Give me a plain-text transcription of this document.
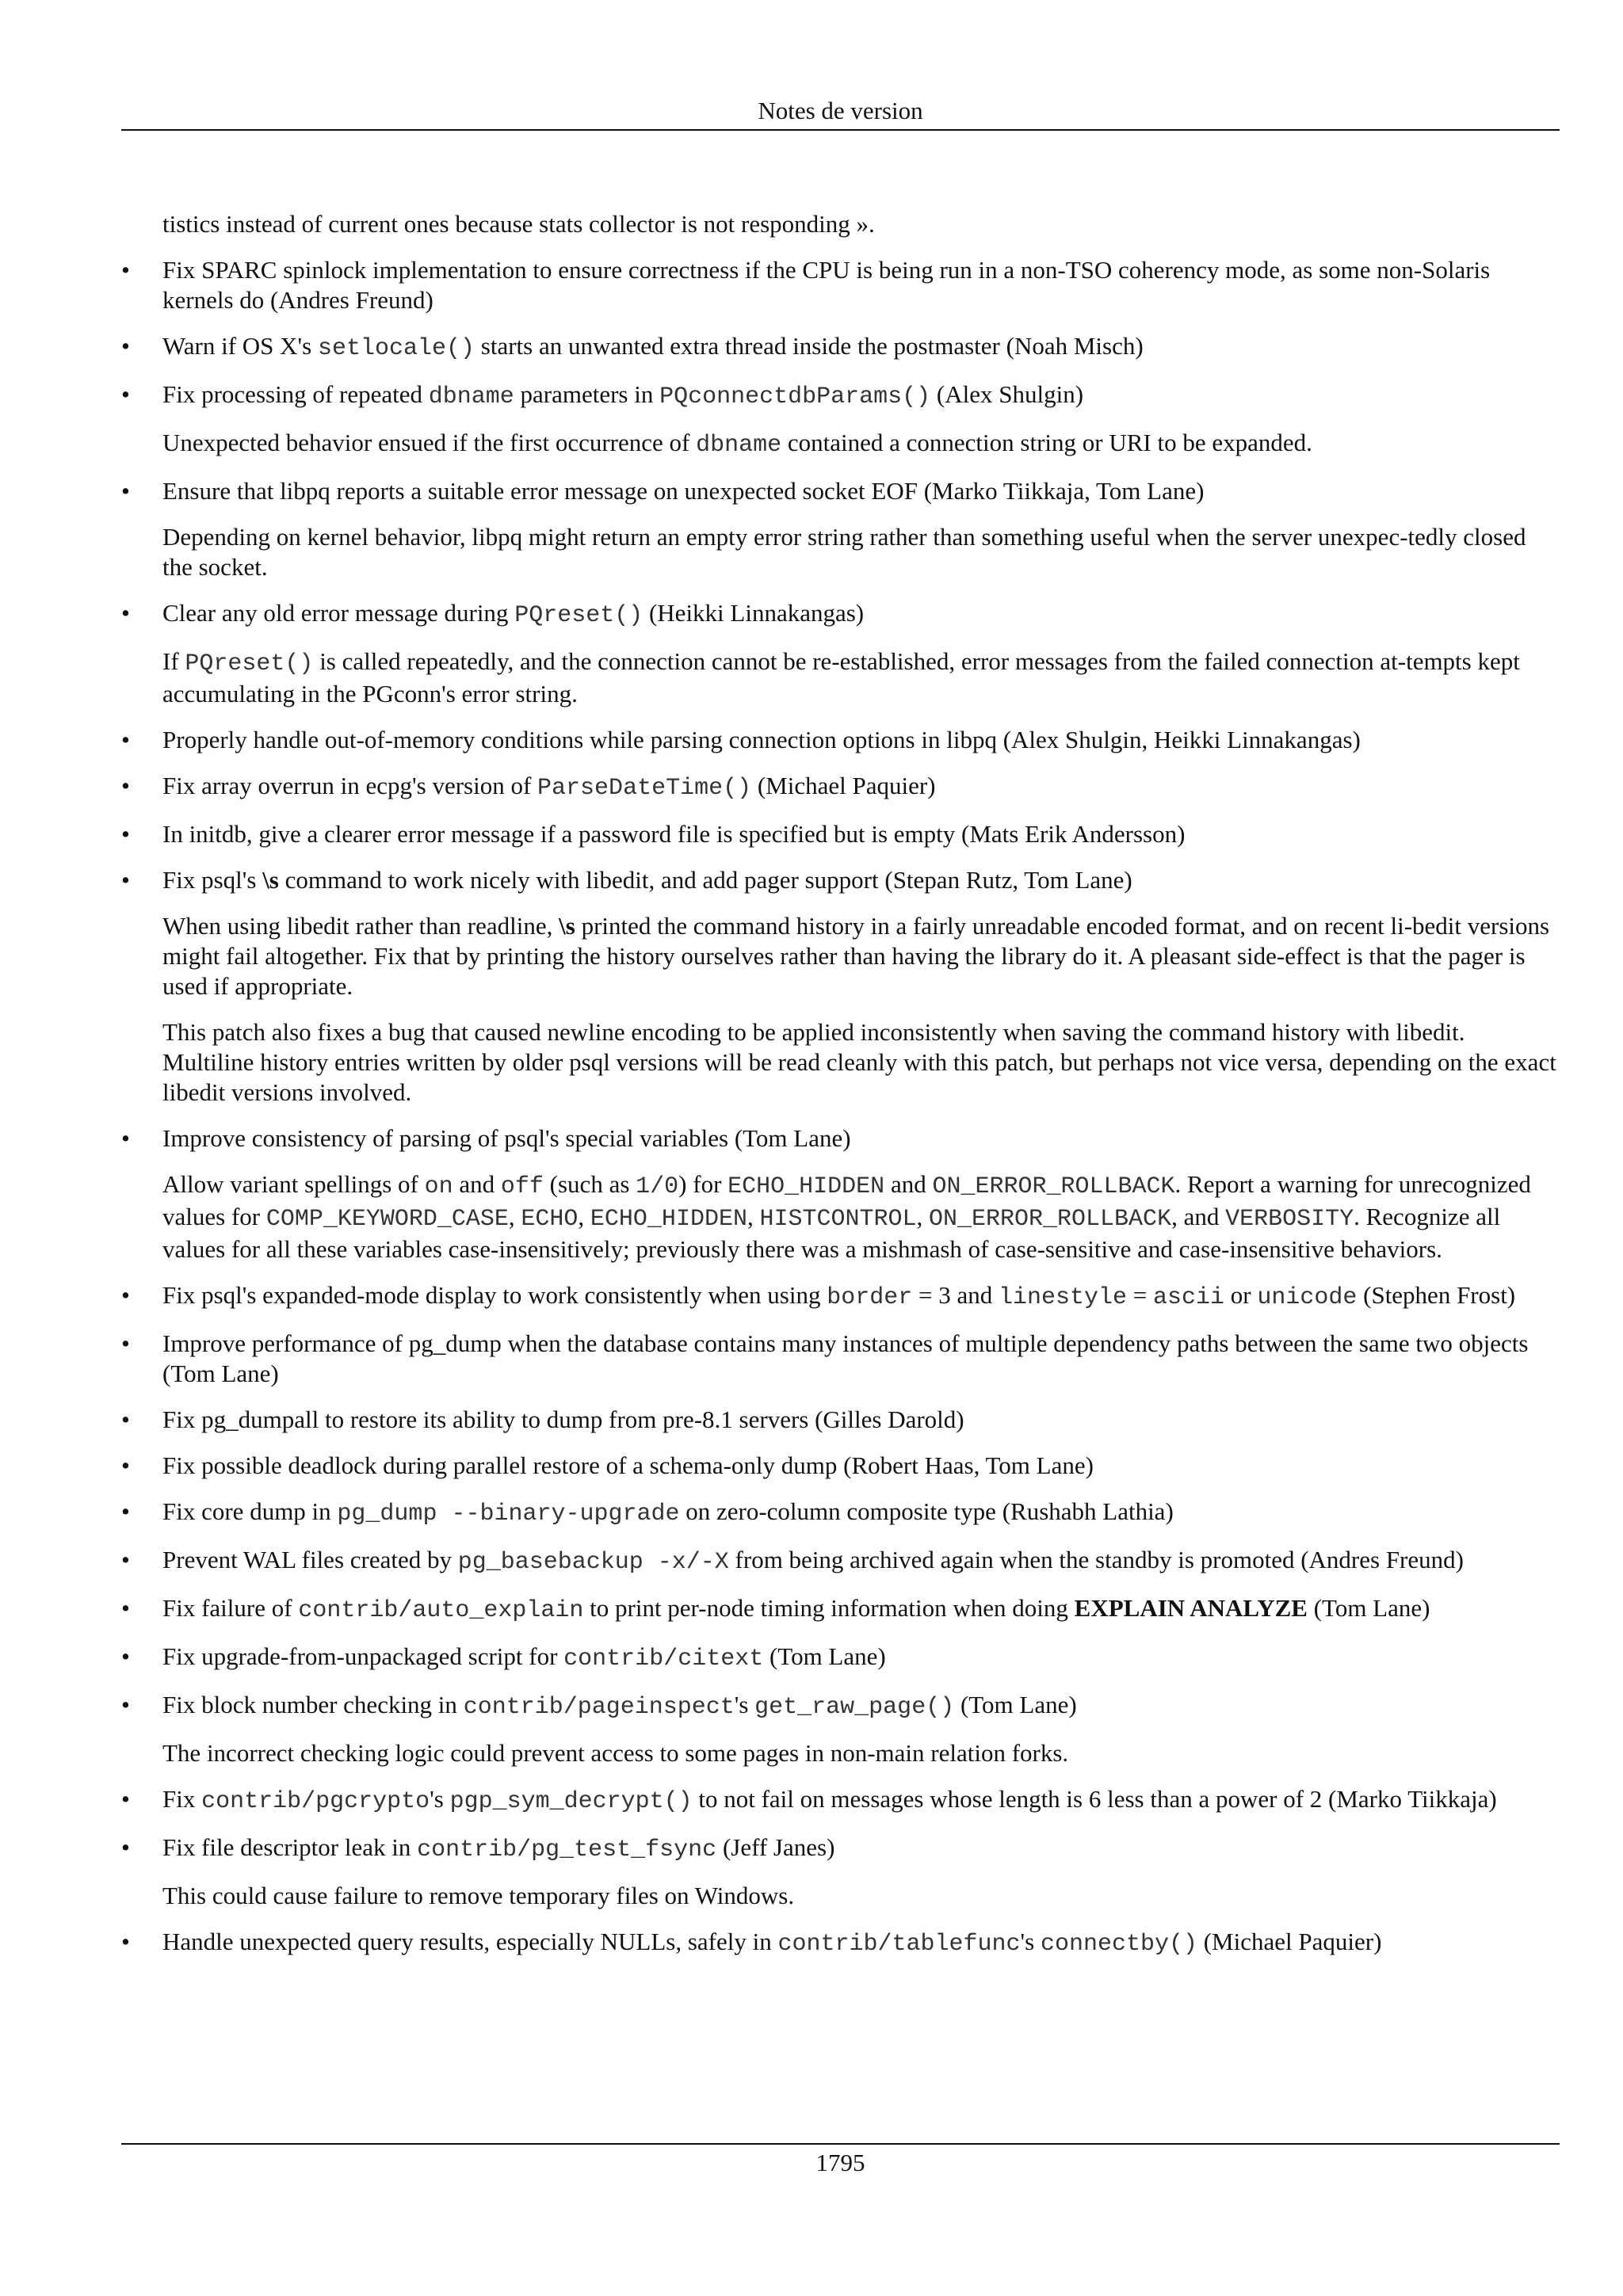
Notes de version

tistics instead of current ones because stats collector is not responding ».

• Fix SPARC spinlock implementation to ensure correctness if the CPU is being run in a non-TSO coherency mode, as some non-Solaris kernels do (Andres Freund)
• Warn if OS X's setlocale() starts an unwanted extra thread inside the postmaster (Noah Misch)
• Fix processing of repeated dbname parameters in PQconnectdbParams() (Alex Shulgin)
Unexpected behavior ensued if the first occurrence of dbname contained a connection string or URI to be expanded.
• Ensure that libpq reports a suitable error message on unexpected socket EOF (Marko Tiikkaja, Tom Lane)
Depending on kernel behavior, libpq might return an empty error string rather than something useful when the server unexpec-tedly closed the socket.
• Clear any old error message during PQreset() (Heikki Linnakangas)
If PQreset() is called repeatedly, and the connection cannot be re-established, error messages from the failed connection at-tempts kept accumulating in the PGconn's error string.
• Properly handle out-of-memory conditions while parsing connection options in libpq (Alex Shulgin, Heikki Linnakangas)
• Fix array overrun in ecpg's version of ParseDateTime() (Michael Paquier)
• In initdb, give a clearer error message if a password file is specified but is empty (Mats Erik Andersson)
• Fix psql's \s command to work nicely with libedit, and add pager support (Stepan Rutz, Tom Lane)
When using libedit rather than readline, \s printed the command history in a fairly unreadable encoded format, and on recent li-bedit versions might fail altogether. Fix that by printing the history ourselves rather than having the library do it. A pleasant side-effect is that the pager is used if appropriate.
This patch also fixes a bug that caused newline encoding to be applied inconsistently when saving the command history with libedit. Multiline history entries written by older psql versions will be read cleanly with this patch, but perhaps not vice versa, depending on the exact libedit versions involved.
• Improve consistency of parsing of psql's special variables (Tom Lane)
Allow variant spellings of on and off (such as 1/0) for ECHO_HIDDEN and ON_ERROR_ROLLBACK. Report a warning for unrecognized values for COMP_KEYWORD_CASE, ECHO, ECHO_HIDDEN, HISTCONTROL, ON_ERROR_ROLLBACK, and VERBOSITY. Recognize all values for all these variables case-insensitively; previously there was a mishmash of case-sensitive and case-insensitive behaviors.
• Fix psql's expanded-mode display to work consistently when using border = 3 and linestyle = ascii or unicode (Stephen Frost)
• Improve performance of pg_dump when the database contains many instances of multiple dependency paths between the same two objects (Tom Lane)
• Fix pg_dumpall to restore its ability to dump from pre-8.1 servers (Gilles Darold)
• Fix possible deadlock during parallel restore of a schema-only dump (Robert Haas, Tom Lane)
• Fix core dump in pg_dump --binary-upgrade on zero-column composite type (Rushabh Lathia)
• Prevent WAL files created by pg_basebackup -x/-X from being archived again when the standby is promoted (Andres Freund)
• Fix failure of contrib/auto_explain to print per-node timing information when doing EXPLAIN ANALYZE (Tom Lane)
• Fix upgrade-from-unpackaged script for contrib/citext (Tom Lane)
• Fix block number checking in contrib/pageinspect's get_raw_page() (Tom Lane)
The incorrect checking logic could prevent access to some pages in non-main relation forks.
• Fix contrib/pgcrypto's pgp_sym_decrypt() to not fail on messages whose length is 6 less than a power of 2 (Marko Tiikkaja)
• Fix file descriptor leak in contrib/pg_test_fsync (Jeff Janes)
This could cause failure to remove temporary files on Windows.
• Handle unexpected query results, especially NULLs, safely in contrib/tablefunc's connectby() (Michael Paquier)
1795
